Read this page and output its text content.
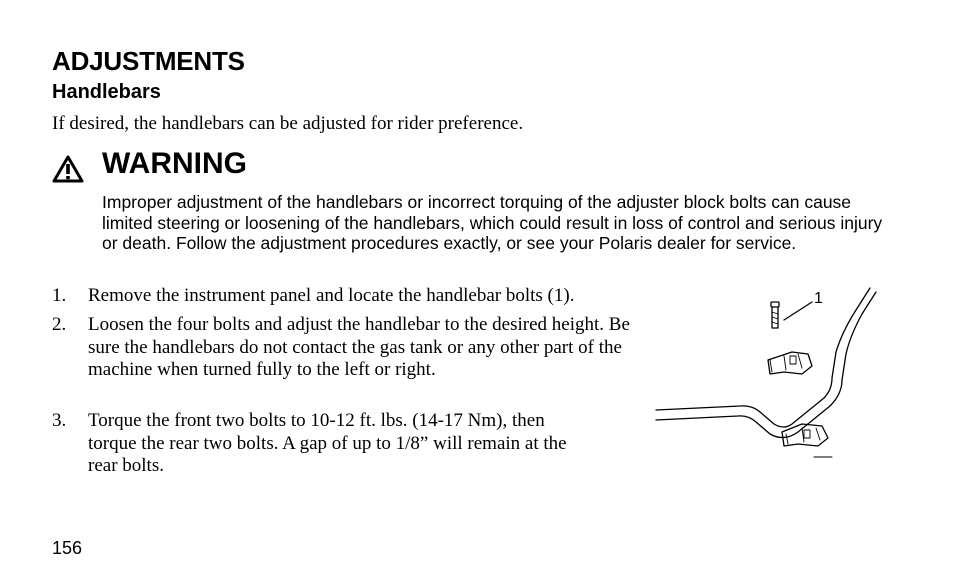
ADJUSTMENTS
Handlebars
If desired, the handlebars can be adjusted for rider preference.
WARNING
Improper adjustment of the handlebars or incorrect torquing of the adjuster block bolts can cause limited steering or loosening of the handlebars, which could result in loss of control and serious injury or death. Follow the adjustment procedures exactly, or see your Polaris dealer for service.
1. Remove the instrument panel and locate the handlebar bolts (1).
2. Loosen the four bolts and adjust the handlebar to the desired height. Be sure the handlebars do not contact the gas tank or any other part of the machine when turned fully to the left or right.
3. Torque the front two bolts to 10-12 ft. lbs. (14-17 Nm), then torque the rear two bolts. A gap of up to 1/8” will remain at the rear bolts.
1
156
